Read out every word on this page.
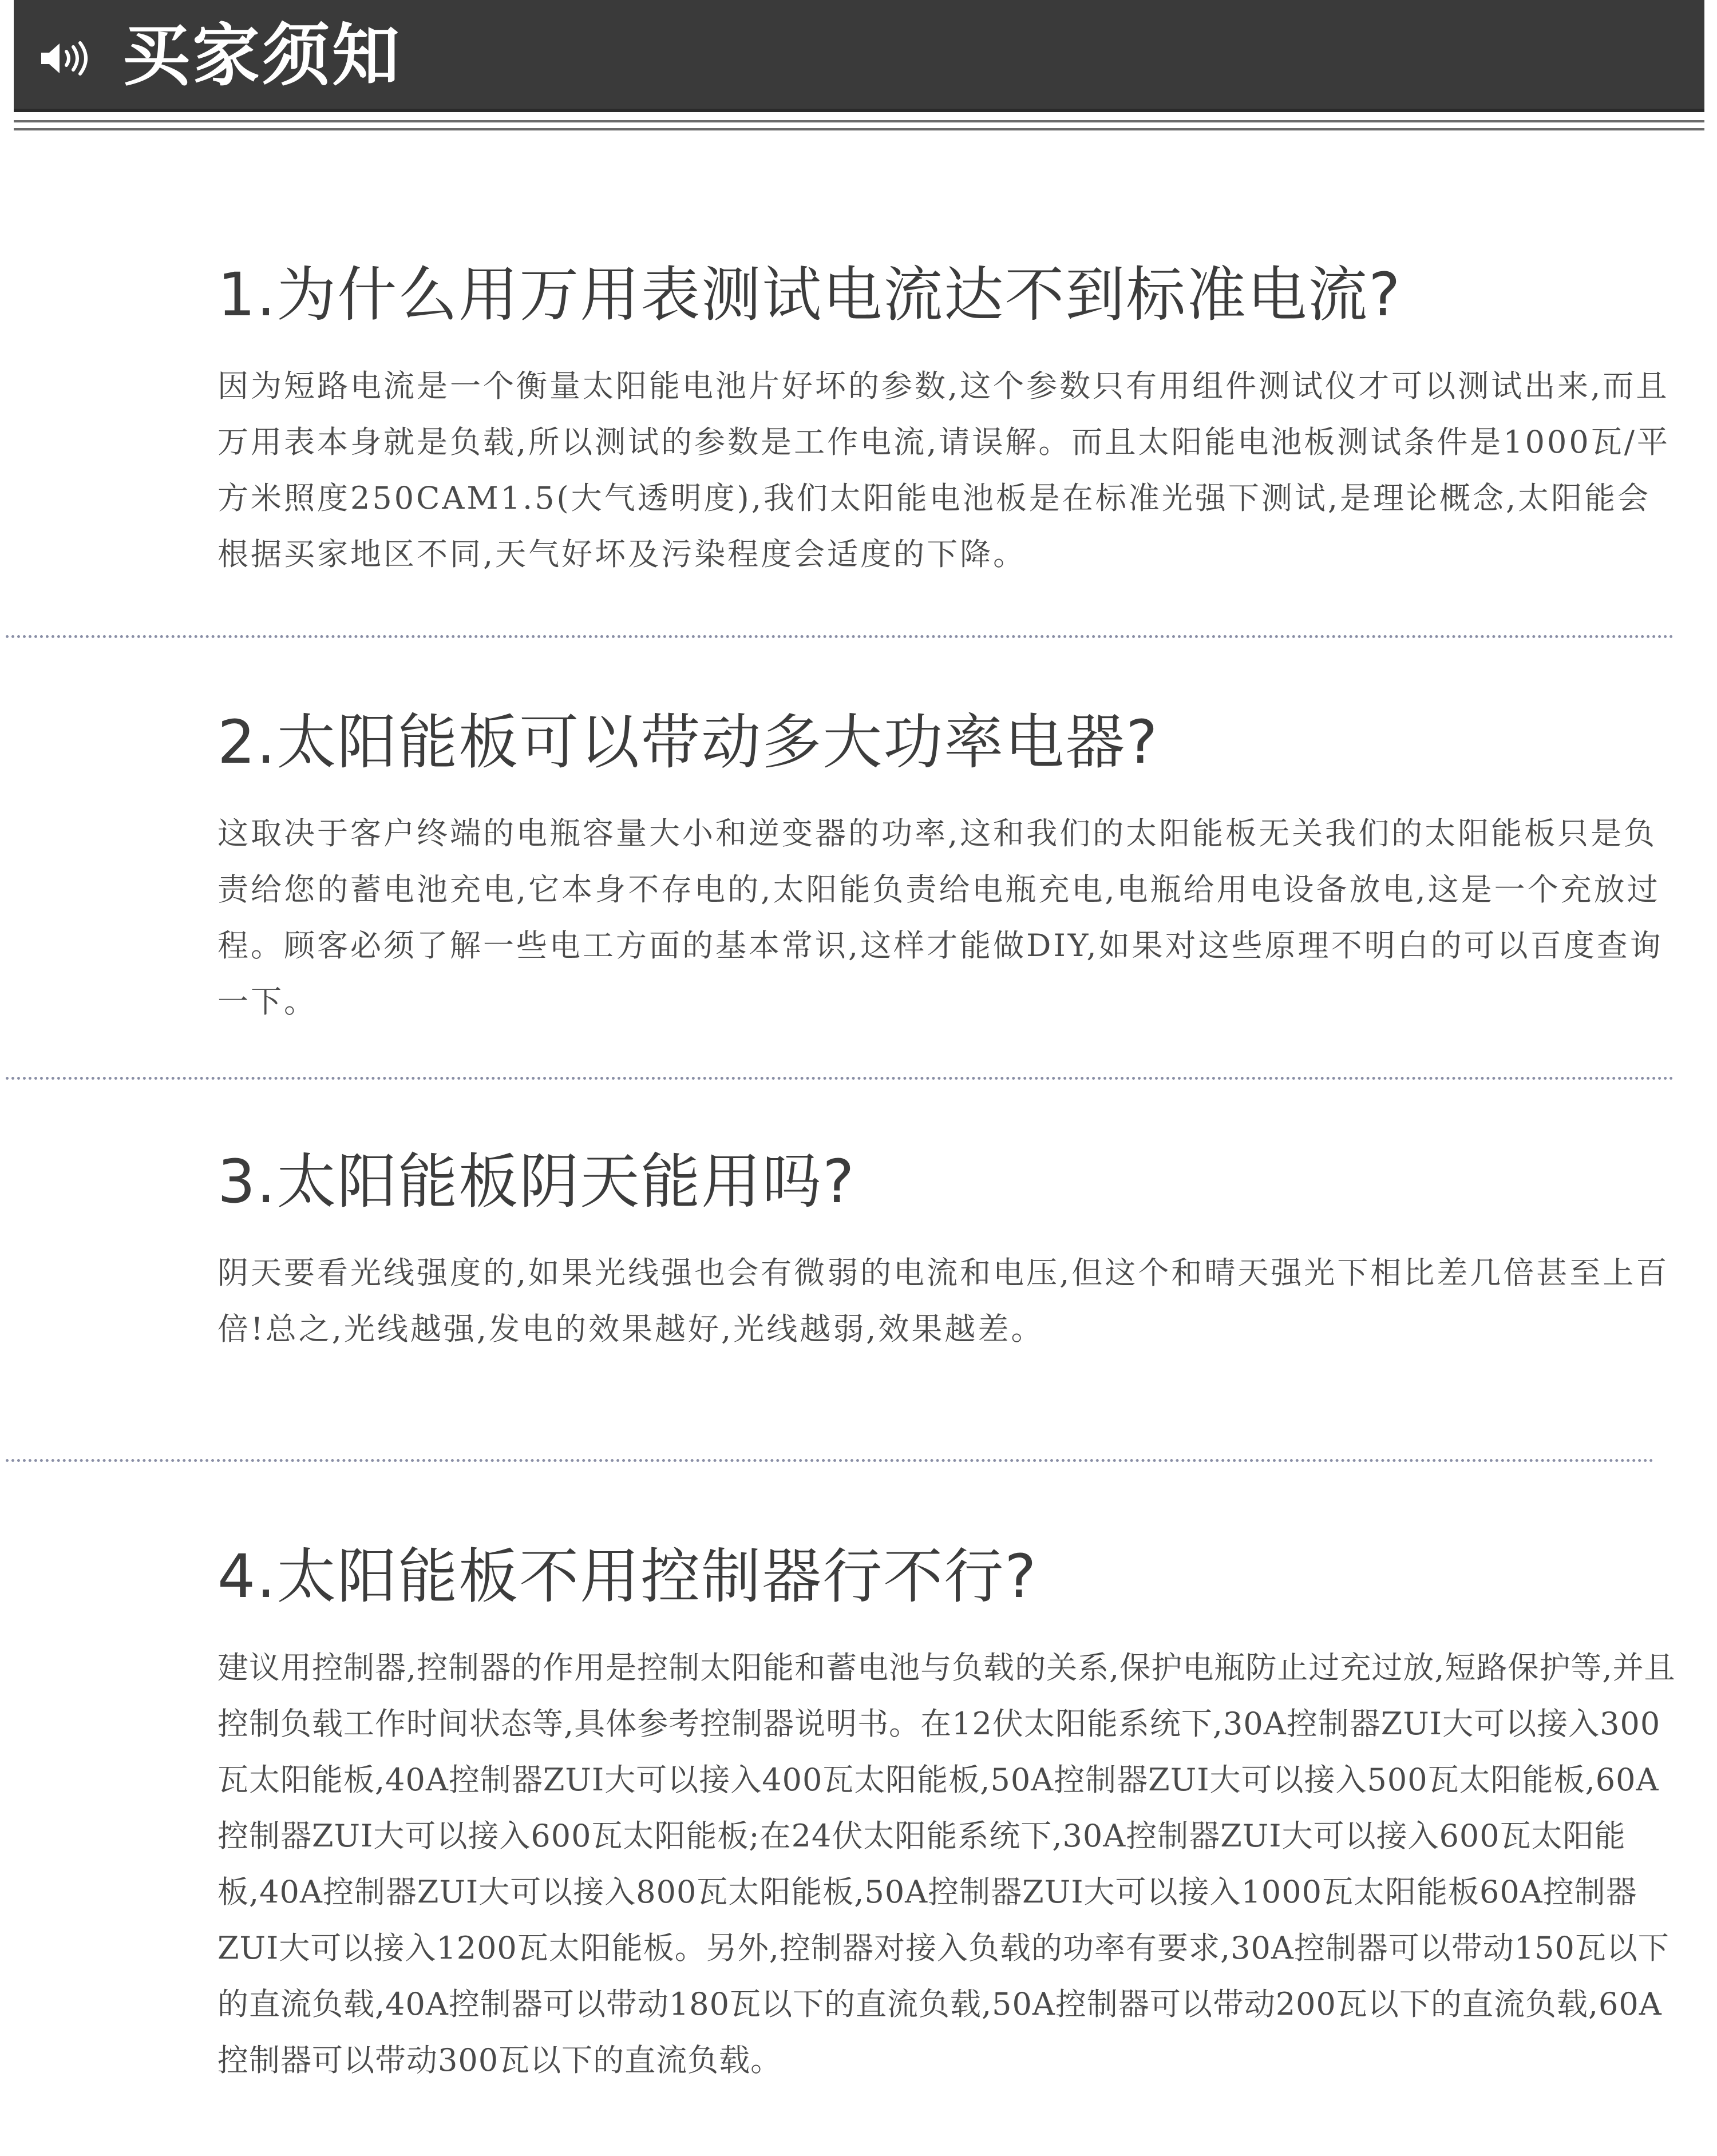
买家须知
1.为什么用万用表测试电流达不到标准电流?
因为短路电流是一个衡量太阳能电池片好坏的参数,这个参数只有用组件测试仪才可以测试出来,而且万用表本身就是负载,所以测试的参数是工作电流,请误解。而且太阳能电池板测试条件是1000瓦/平方米照度250CAM1.5(大气透明度),我们太阳能电池板是在标准光强下测试,是理论概念,太阳能会根据买家地区不同,天气好坏及污染程度会适度的下降。
2.太阳能板可以带动多大功率电器?
这取决于客户终端的电瓶容量大小和逆变器的功率,这和我们的太阳能板无关我们的太阳能板只是负责给您的蓄电池充电,它本身不存电的,太阳能负责给电瓶充电,电瓶给用电设备放电,这是一个充放过程。顾客必须了解一些电工方面的基本常识,这样才能做DIY,如果对这些原理不明白的可以百度查询一下。
3.太阳能板阴天能用吗?
阴天要看光线强度的,如果光线强也会有微弱的电流和电压,但这个和晴天强光下相比差几倍甚至上百倍!总之,光线越强,发电的效果越好,光线越弱,效果越差。
4.太阳能板不用控制器行不行?
建议用控制器,控制器的作用是控制太阳能和蓄电池与负载的关系,保护电瓶防止过充过放,短路保护等,并且控制负载工作时间状态等,具体参考控制器说明书。在12伏太阳能系统下,30A控制器ZUI大可以接入300瓦太阳能板,40A控制器ZUI大可以接入400瓦太阳能板,50A控制器ZUI大可以接入500瓦太阳能板,60A控制器ZUI大可以接入600瓦太阳能板;在24伏太阳能系统下,30A控制器ZUI大可以接入600瓦太阳能板,40A控制器ZUI大可以接入800瓦太阳能板,50A控制器ZUI大可以接入1000瓦太阳能板60A控制器ZUI大可以接入1200瓦太阳能板。另外,控制器对接入负载的功率有要求,30A控制器可以带动150瓦以下的直流负载,40A控制器可以带动180瓦以下的直流负载,50A控制器可以带动200瓦以下的直流负载,60A控制器可以带动300瓦以下的直流负载。
